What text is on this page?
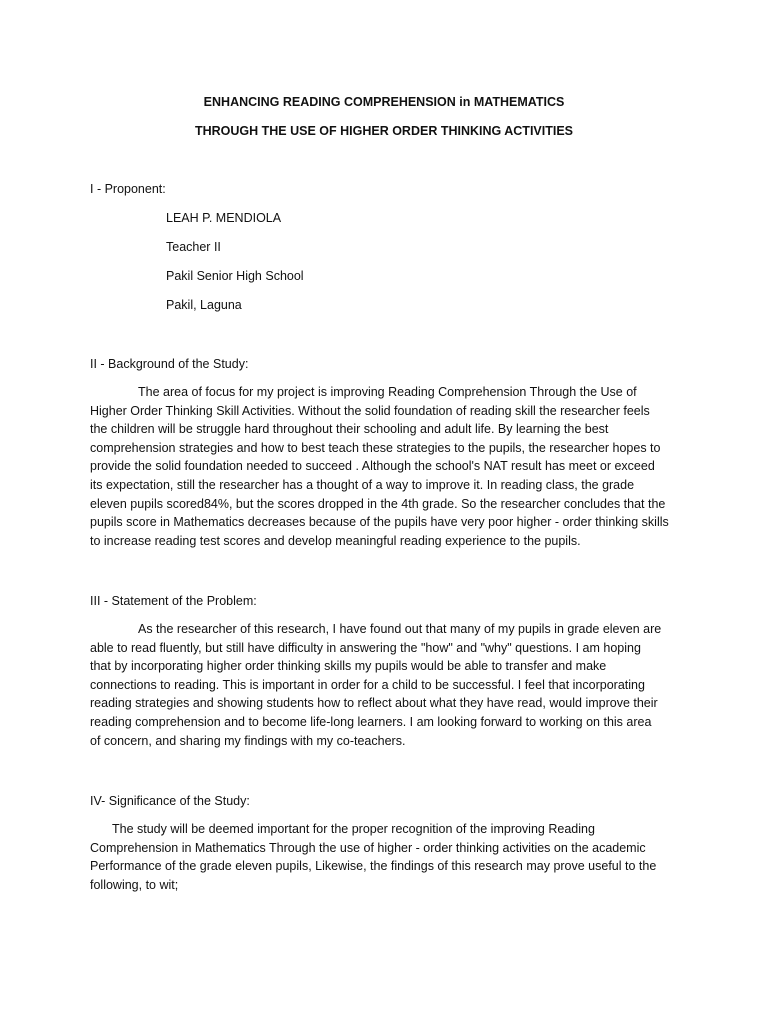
ENHANCING READING COMPREHENSION in MATHEMATICS
THROUGH THE USE OF HIGHER ORDER THINKING ACTIVITIES
I - Proponent:
LEAH P. MENDIOLA
Teacher II
Pakil Senior High School
Pakil, Laguna
II - Background of the Study:
The area of focus for my project is improving Reading Comprehension Through the Use of
Higher Order Thinking Skill Activities. Without the solid foundation of reading skill the researcher feels
the children will be struggle hard throughout their schooling and adult life. By learning the best
comprehension strategies and how to best teach these strategies to the pupils, the researcher hopes to
provide the solid foundation needed to succeed . Although the school's NAT result has meet or exceed
its expectation, still the researcher has a thought of a way to improve it. In reading class, the grade
eleven pupils scored84%, but the scores dropped in the 4th grade. So the researcher concludes that the
pupils score in Mathematics decreases because of the pupils have very poor higher - order thinking skills
to increase reading test scores and develop meaningful reading experience to the pupils.
III - Statement of the Problem:
As the researcher of this research, I have found out that many of my pupils in grade eleven are
able to read fluently, but still have difficulty in answering the "how" and "why" questions. I am hoping
that by incorporating higher order thinking skills my pupils would be able to transfer and make
connections to reading. This is important in order for a child to be successful. I feel that incorporating
reading strategies and showing students how to reflect about what they have read, would improve their
reading comprehension and to become life-long learners. I am looking forward to working on this area
of concern, and sharing my findings with my co-teachers.
IV- Significance of the Study:
The study will be deemed important for the proper recognition of the improving Reading
Comprehension in Mathematics Through the use of higher - order thinking activities on the academic
Performance of the grade eleven pupils, Likewise, the findings of this research may prove useful to the
following, to wit;
